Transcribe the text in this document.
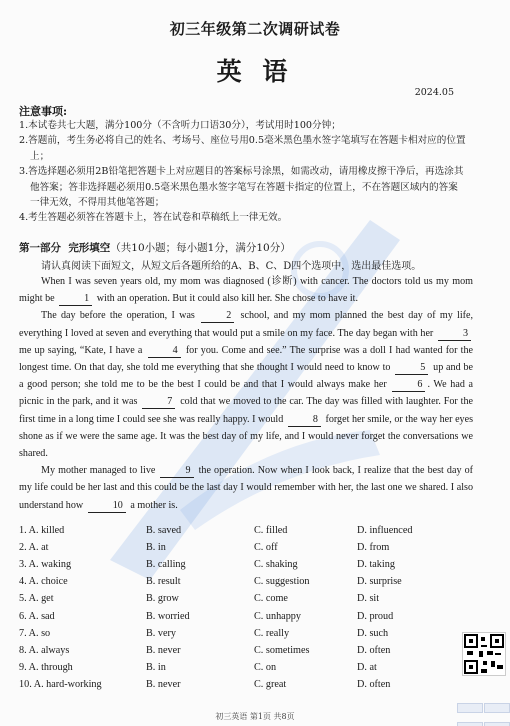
初三年级第二次调研试卷
英 语
2024.05
注意事项:

1.本试卷共七大题，满分100分（不含听力口语30分），考试用时100分钟；

2.答题前，考生务必将自己的姓名、考场号、座位号用0.5毫米黑色墨水签字笔填写在答题卡相对应的位置上；

3.答选择题必须用2B铅笔把答题卡上对应题目的答案标号涂黑，如需改动，请用橡皮擦干净后，再选涂其他答案；答非选择题必须用0.5毫米黑色墨水签字笔写在答题卡指定的位置上，不在答题区域内的答案一律无效，不得用其他笔答题；

4.考生答题必须答在答题卡上，答在试卷和草稿纸上一律无效。

第一部分 完形填空（共10小题；每小题1分，满分10分）
请认真阅读下面短文，从短文后各题所给的A、B、C、D四个选项中，选出最佳选项。

When I was seven years old, my mom was diagnosed (诊断) with cancer. The doctors told us my mom might be	1 with an operation. But it could also kill her. She chose to have it.

The day before the operation, I was	2 school, and my mom planned the best day of my life, everything I loved at seven and everything that would put a smile on my face. The day began with her	3 me up saying, “Kate, I have a	4 for you. Come and see.” The surprise was a doll I had wanted for the longest time. On that day, she told me everything that she thought I would need to know to	5 up and be a good person; she told me to be the best I could be and that I would always make her	6 . We had a picnic in the park, and it was	7 cold that we moved to the car. The day was filled with laughter. For the first time in a long time I could see she was really happy. I would	8 forget her smile, or the way her eyes shone as if we were the same age. It was the best day of my life, and I would never forget the conversations we shared.

My mother managed to live	9 the operation. Now when I look back, I realize that the best day of my life could be her last and this could be the last day I would remember with her, the last one we shared. I also understand how	10 a mother is.

1. A. killed	B. saved	C. filled	D. influenced
2. A. at	B. in	C. off	D. from
3. A. waking	B. calling	C. shaking	D. taking
4. A. choice	B. result	C. suggestion	D. surprise
5. A. get	B. grow	C. come	D. sit
6. A. sad	B. worried	C. unhappy	D. proud
7. A. so	B. very	C. really	D. such
8. A. always	B. never	C. sometimes	D. often
9. A. through	B. in	C. on	D. at
10. A. hard-working	B. never	C. great	D. often

初三英语 第1页 共8页
